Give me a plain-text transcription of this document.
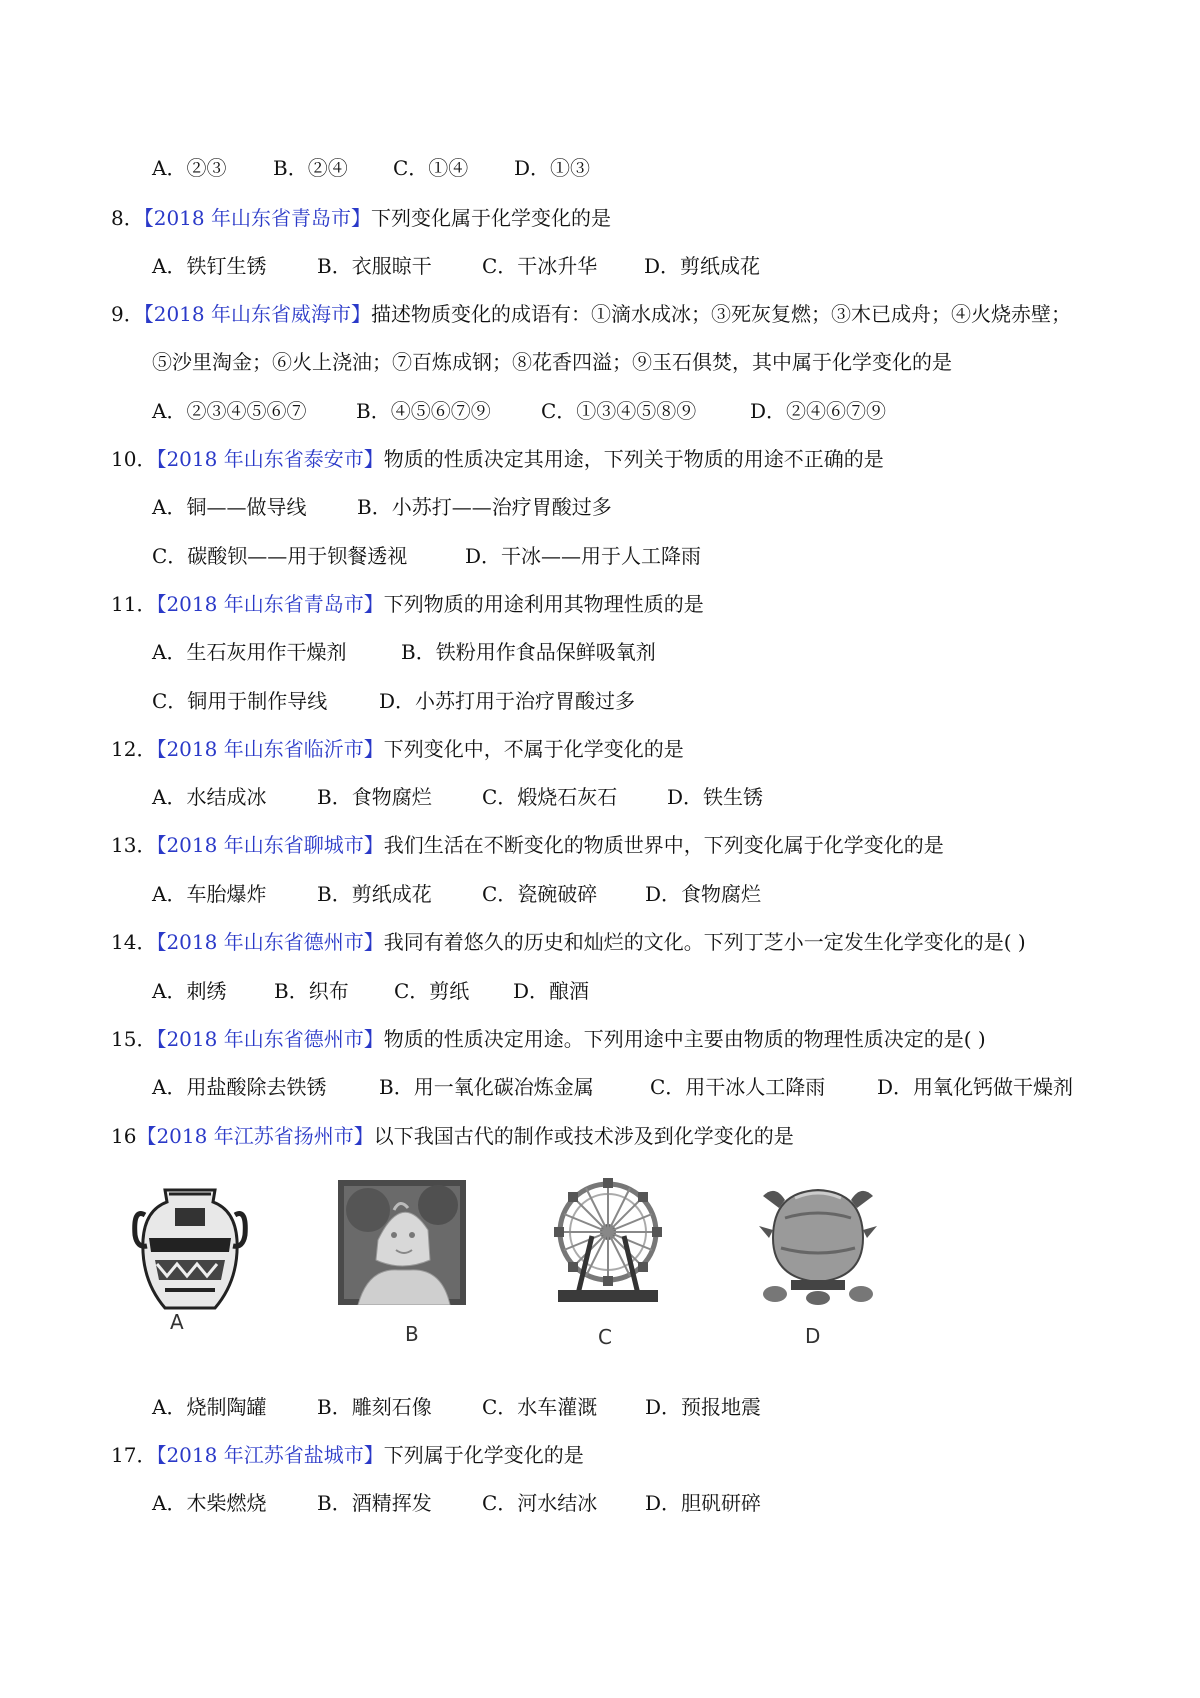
A．②③ B．②④ C．①④ D．①③
8．【2018 年山东省青岛市】下列变化属于化学变化的是
A．铁钉生锈	B．衣服晾干	C．干冰升华 D．剪纸成花
9．【2018 年山东省威海市】描述物质变化的成语有：①滴水成冰；③死灰复燃；③木已成舟；④火烧赤壁；
⑤沙里淘金；⑥火上浇油；⑦百炼成钢；⑧花香四溢；⑨玉石俱焚，其中属于化学变化的是
A．②③④⑤⑥⑦ B．④⑤⑥⑦⑨	C．①③④⑤⑧⑨	D．②④⑥⑦⑨
10．【2018 年山东省泰安市】物质的性质决定其用途，下列关于物质的用途不正确的是
A．铜——做导线	B．小苏打——治疗胃酸过多
C．碳酸钡——用于钡餐透视	D．干冰——用于人工降雨
11．【2018 年山东省青岛市】下列物质的用途利用其物理性质的是
A．生石灰用作干燥剂	B．铁粉用作食品保鲜吸氧剂
C．铜用于制作导线	D．小苏打用于治疗胃酸过多
12．【2018 年山东省临沂市】下列变化中，不属于化学变化的是
A．水结成冰	B．食物腐烂	C．煅烧石灰石 D．铁生锈
13．【2018 年山东省聊城市】我们生活在不断变化的物质世界中，下列变化属于化学变化的是
A．车胎爆炸	B．剪纸成花	C．瓷碗破碎 D．食物腐烂
14．【2018 年山东省德州市】我同有着悠久的历史和灿烂的文化。下列丁芝小一定发生化学变化的是( )
A．刺绣 B．织布 C．剪纸 D．酿酒
15．【2018 年山东省德州市】物质的性质决定用途。下列用途中主要由物质的物理性质决定的是( )
A．用盐酸除去铁锈	B．用一氧化碳冶炼金属	C．用干冰人工降雨	D．用氧化钙做干燥剂
16【2018 年江苏省扬州市】以下我国古代的制作或技术涉及到化学变化的是
A	B	C	D
A．烧制陶罐	B．雕刻石像	C．水车灌溉 D．预报地震
17．【2018 年江苏省盐城市】下列属于化学变化的是
A．木柴燃烧	B．酒精挥发	C．河水结冰 D．胆矾研碎
